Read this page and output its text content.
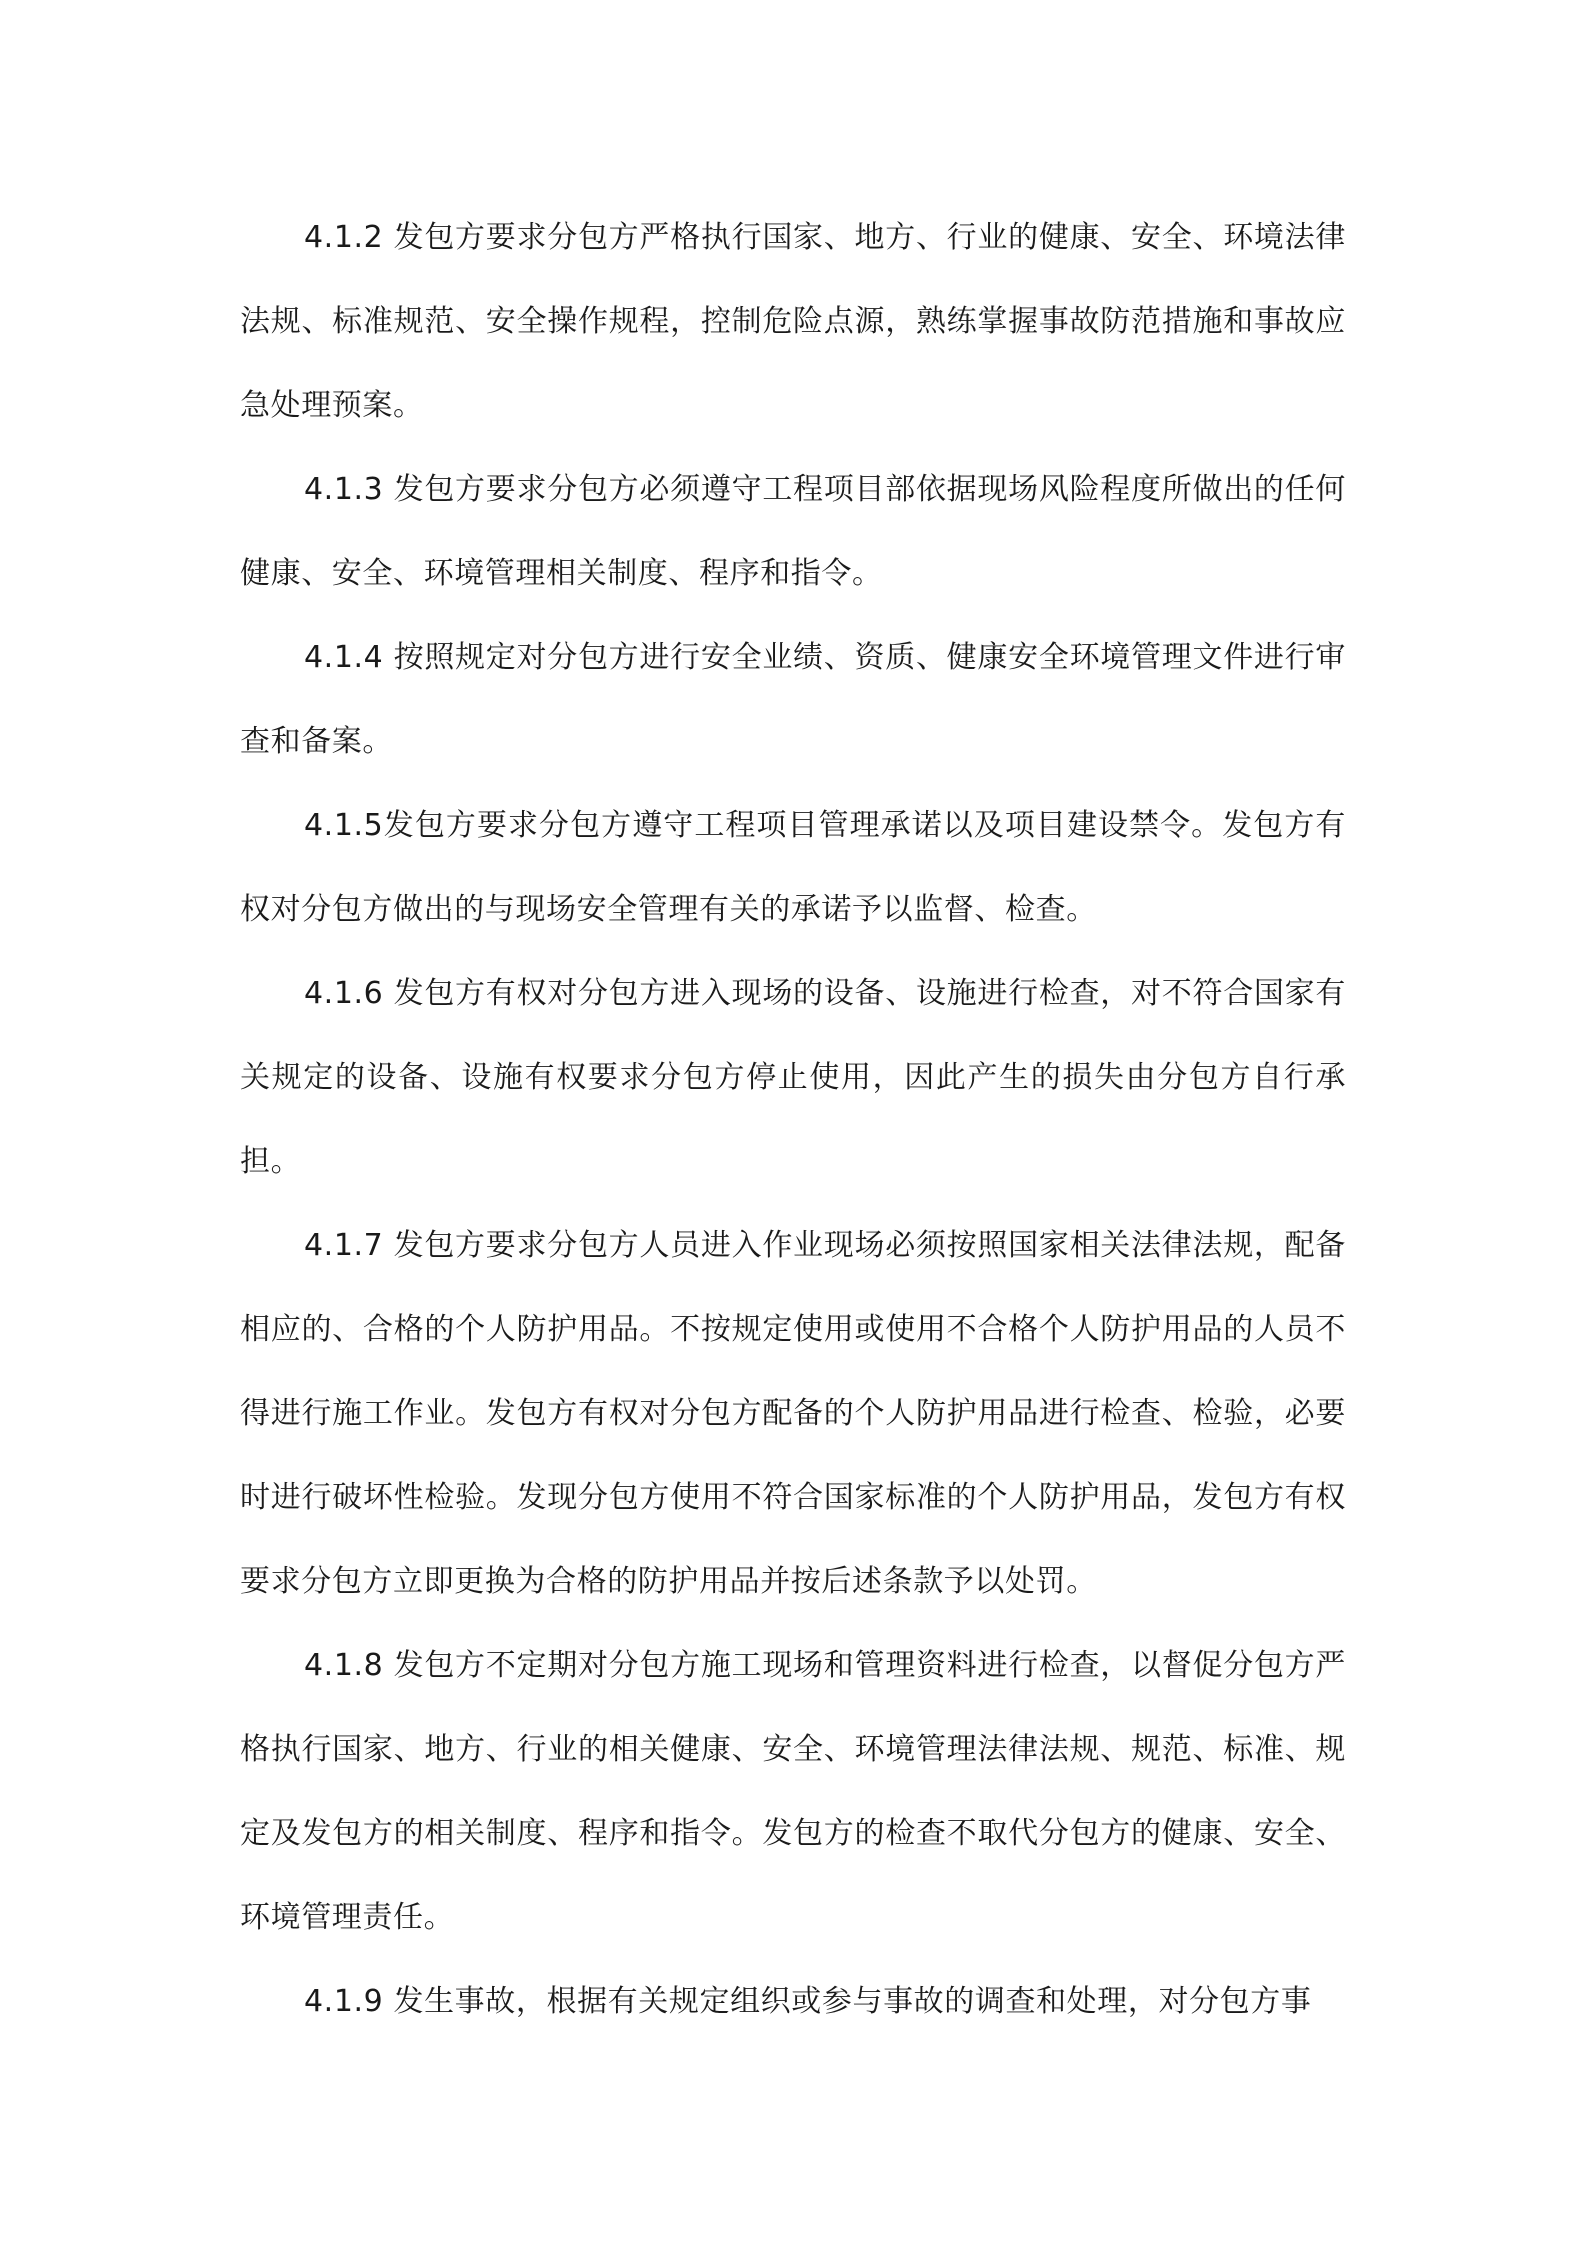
4.1.2 发包方要求分包方严格执行国家、地方、行业的健康、安全、环境法律法规、标准规范、安全操作规程，控制危险点源，熟练掌握事故防范措施和事故应急处理预案。

4.1.3 发包方要求分包方必须遵守工程项目部依据现场风险程度所做出的任何健康、安全、环境管理相关制度、程序和指令。

4.1.4 按照规定对分包方进行安全业绩、资质、健康安全环境管理文件进行审查和备案。

4.1.5发包方要求分包方遵守工程项目管理承诺以及项目建设禁令。发包方有权对分包方做出的与现场安全管理有关的承诺予以监督、检查。

4.1.6 发包方有权对分包方进入现场的设备、设施进行检查，对不符合国家有关规定的设备、设施有权要求分包方停止使用，因此产生的损失由分包方自行承担。

4.1.7 发包方要求分包方人员进入作业现场必须按照国家相关法律法规，配备相应的、合格的个人防护用品。不按规定使用或使用不合格个人防护用品的人员不得进行施工作业。发包方有权对分包方配备的个人防护用品进行检查、检验，必要时进行破坏性检验。发现分包方使用不符合国家标准的个人防护用品，发包方有权要求分包方立即更换为合格的防护用品并按后述条款予以处罚。

4.1.8 发包方不定期对分包方施工现场和管理资料进行检查，以督促分包方严格执行国家、地方、行业的相关健康、安全、环境管理法律法规、规范、标准、规定及发包方的相关制度、程序和指令。发包方的检查不取代分包方的健康、安全、环境管理责任。

4.1.9 发生事故，根据有关规定组织或参与事故的调查和处理，对分包方事
